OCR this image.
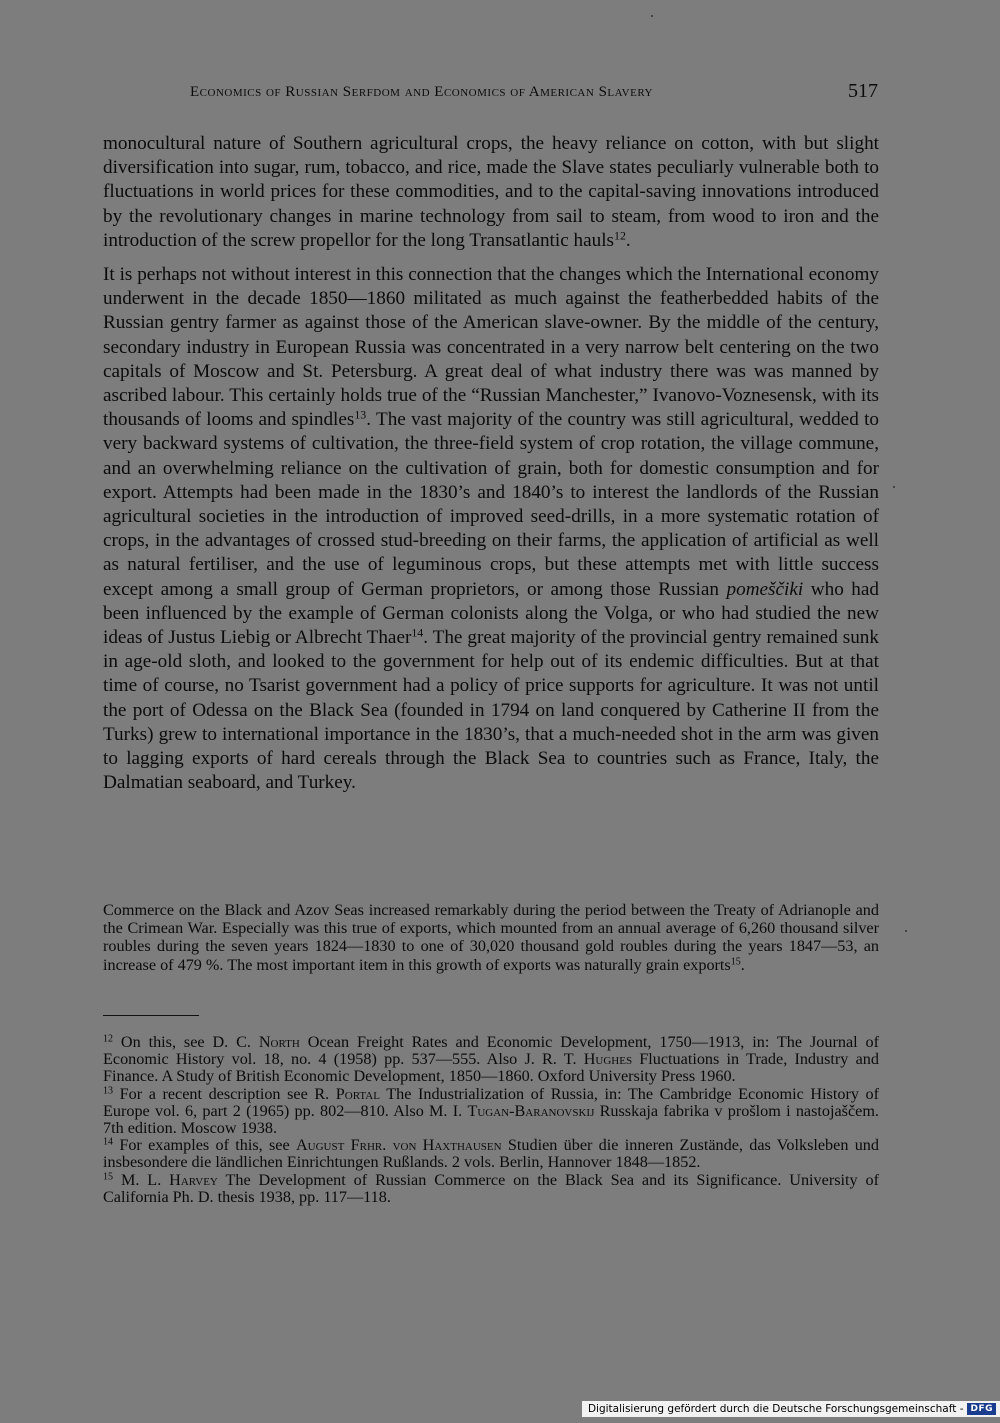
Economics of Russian Serfdom and Economics of American Slavery	517

monocultural nature of Southern agricultural crops, the heavy reliance on cotton, with but slight diversification into sugar, rum, tobacco, and rice, made the Slave states peculiarly vulnerable both to fluctuations in world prices for these commodities, and to the capital-saving innovations introduced by the revolutionary changes in marine technology from sail to steam, from wood to iron and the introduction of the screw propellor for the long Transatlantic hauls$^{12}$.

It is perhaps not without interest in this connection that the changes which the International economy underwent in the decade 1850—1860 militated as much against the featherbedded habits of the Russian gentry farmer as against those of the American slave-owner. By the middle of the century, secondary industry in European Russia was concentrated in a very narrow belt centering on the two capitals of Moscow and St. Petersburg. A great deal of what industry there was was manned by ascribed labour. This certainly holds true of the “Russian Manchester,” Ivanovo-Voznesensk, with its thousands of looms and spindles$^{13}$. The vast majority of the country was still agricultural, wedded to very backward systems of cultivation, the three-field system of crop rotation, the village commune, and an overwhelming reliance on the cultivation of grain, both for domestic consumption and for export. Attempts had been made in the 1830’s and 1840’s to interest the landlords of the Russian agricultural societies in the introduction of improved seed-drills, in a more systematic rotation of crops, in the advantages of crossed stud-breeding on their farms, the application of artificial as well as natural fertiliser, and the use of leguminous crops, but these attempts met with little success except among a small group of German proprietors, or among those Russian pomeščiki who had been influenced by the example of German colonists along the Volga, or who had studied the new ideas of Justus Liebig or Albrecht Thaer$^{14}$. The great majority of the provincial gentry remained sunk in age-old sloth, and looked to the government for help out of its endemic difficulties. But at that time of course, no Tsarist government had a policy of price supports for agriculture. It was not until the port of Odessa on the Black Sea (founded in 1794 on land conquered by Catherine II from the Turks) grew to international importance in the 1830’s, that a much-needed shot in the arm was given to lagging exports of hard cereals through the Black Sea to countries such as France, Italy, the Dalmatian seaboard, and Turkey.

Commerce on the Black and Azov Seas increased remarkably during the period between the Treaty of Adrianople and the Crimean War. Especially was this true of exports, which mounted from an annual average of 6,260 thousand silver roubles during the seven years 1824—1830 to one of 30,020 thousand gold roubles during the years 1847—53, an increase of 479 %. The most important item in this growth of exports was naturally grain exports$^{15}$.

$^{12}$ On this, see D. C. North Ocean Freight Rates and Economic Development, 1750—1913, in: The Journal of Economic History vol. 18, no. 4 (1958) pp. 537—555. Also J. R. T. Hughes Fluctuations in Trade, Industry and Finance. A Study of British Economic Development, 1850—1860. Oxford University Press 1960.

$^{13}$ For a recent description see R. Portal The Industrialization of Russia, in: The Cambridge Economic History of Europe vol. 6, part 2 (1965) pp. 802—810. Also M. I. Tugan-Baranovskij Russkaja fabrika v prošlom i nastojaščem. 7th edition. Moscow 1938.

$^{14}$ For examples of this, see August Frhr. von Haxthausen Studien über die inneren Zustände, das Volksleben und insbesondere die ländlichen Einrichtungen Rußlands. 2 vols. Berlin, Hannover 1848—1852.

$^{15}$ M. L. Harvey The Development of Russian Commerce on the Black Sea and its Significance. University of California Ph. D. thesis 1938, pp. 117—118.

Digitalisierung gefördert durch die Deutsche Forschungsgemeinschaft - DFG
